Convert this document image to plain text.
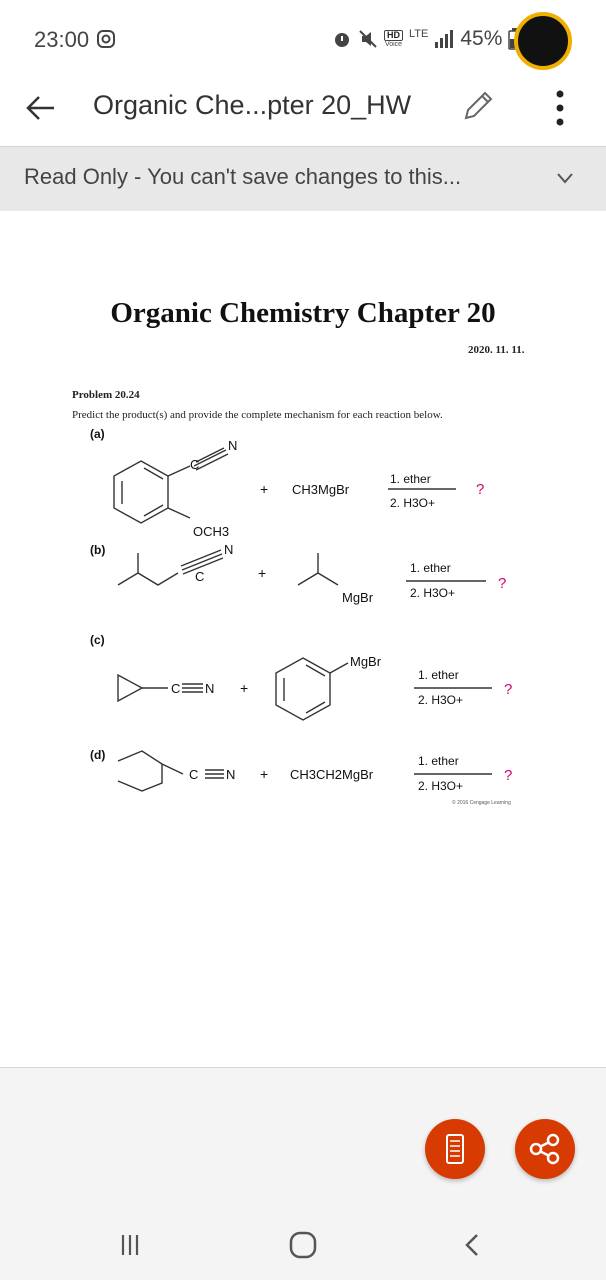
23:00	HD
Voice
LTE 45%
Organic Che...pter 20_HW
Read Only - You can't save changes to this...
Organic Chemistry Chapter 20
2020. 11. 11.
Problem 20.24
Predict the product(s) and provide the complete mechanism for each reaction below.
(a)
C
N
OCH3
+ CH3MgBr
1. ether
2. H3O+
?
(b)
C
N
+
MgBr
1. ether
2. H3O+
?
(c)
C N +
MgBr
1. ether
2. H3O+
?
(d)
C N + CH3CH2MgBr
1. ether
2. H3O+
?
© 2016 Cengage Learning
